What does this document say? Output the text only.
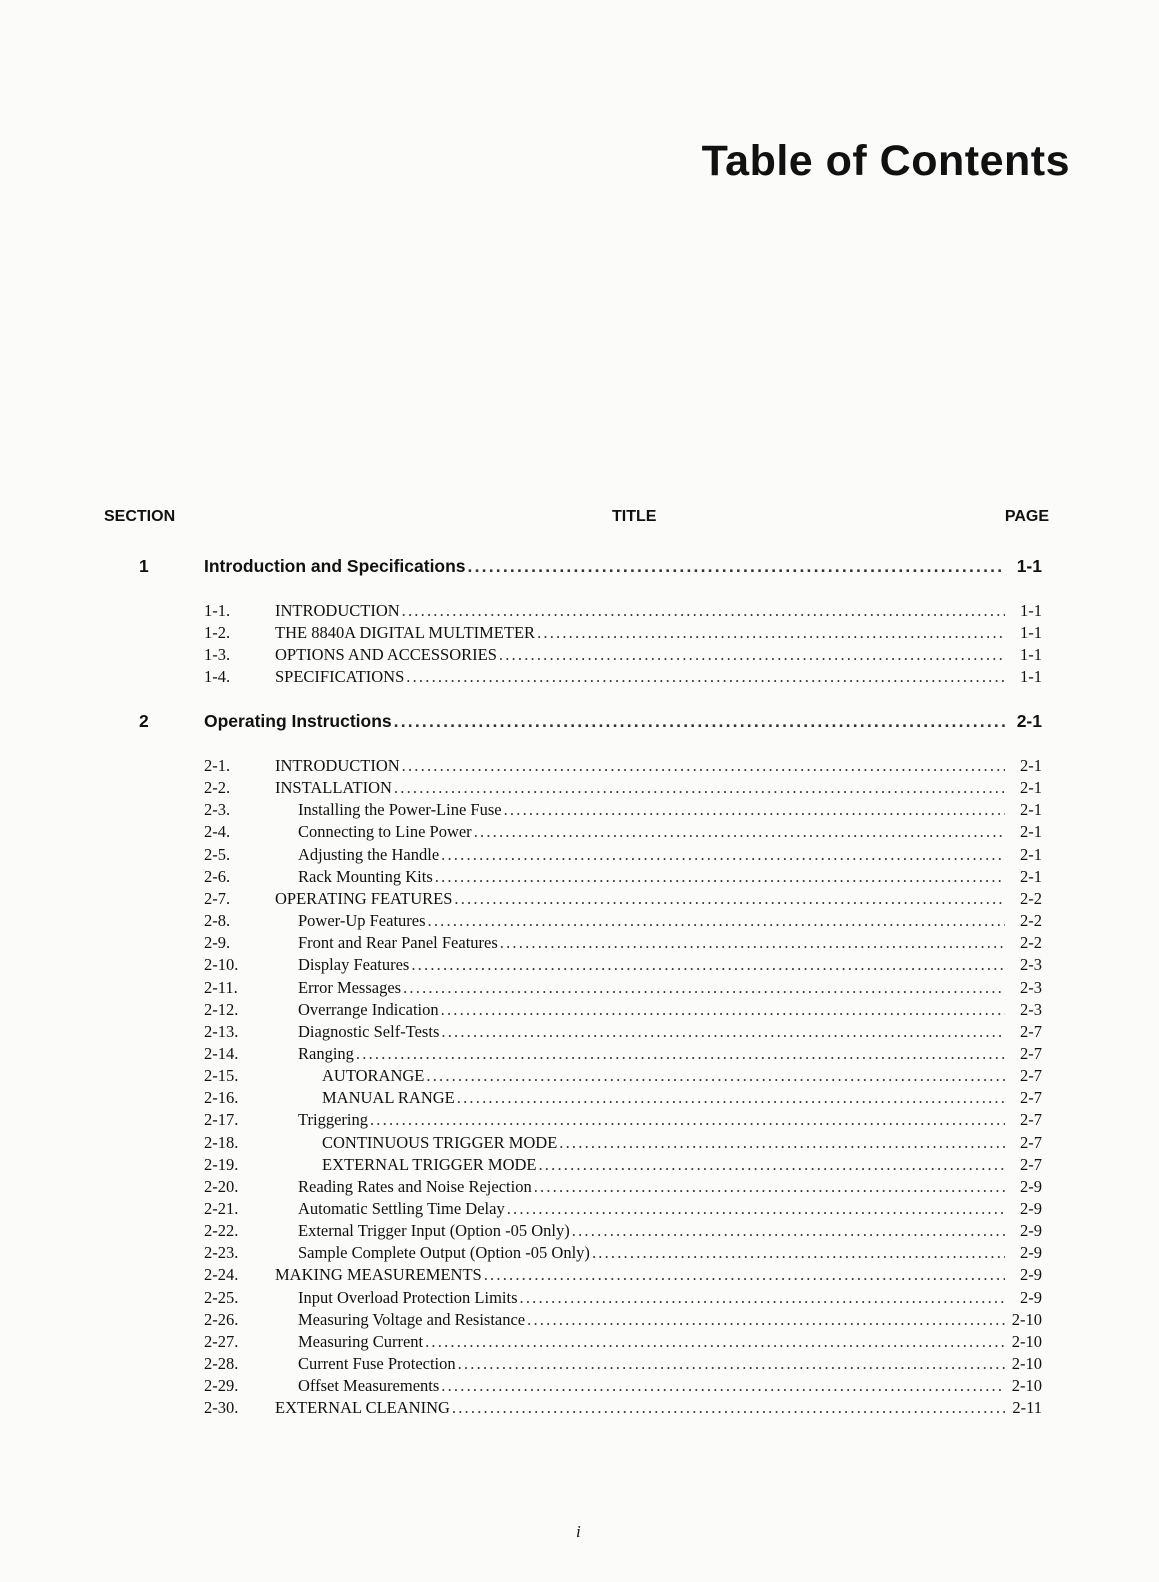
Table of Contents
SECTION	TITLE	PAGE
1	Introduction and Specifications .....	1-1
1-1.	INTRODUCTION .....	1-1
1-2.	THE 8840A DIGITAL MULTIMETER .....	1-1
1-3.	OPTIONS AND ACCESSORIES .....	1-1
1-4.	SPECIFICATIONS .....	1-1
2	Operating Instructions .....	2-1
2-1.	INTRODUCTION .....	2-1
2-2.	INSTALLATION .....	2-1
2-3.	Installing the Power-Line Fuse .....	2-1
2-4.	Connecting to Line Power .....	2-1
2-5.	Adjusting the Handle .....	2-1
2-6.	Rack Mounting Kits .....	2-1
2-7.	OPERATING FEATURES .....	2-2
2-8.	Power-Up Features .....	2-2
2-9.	Front and Rear Panel Features .....	2-2
2-10.	Display Features .....	2-3
2-11.	Error Messages .....	2-3
2-12.	Overrange Indication .....	2-3
2-13.	Diagnostic Self-Tests .....	2-7
2-14.	Ranging .....	2-7
2-15.	AUTORANGE .....	2-7
2-16.	MANUAL RANGE .....	2-7
2-17.	Triggering .....	2-7
2-18.	CONTINUOUS TRIGGER MODE .....	2-7
2-19.	EXTERNAL TRIGGER MODE .....	2-7
2-20.	Reading Rates and Noise Rejection .....	2-9
2-21.	Automatic Settling Time Delay .....	2-9
2-22.	External Trigger Input (Option -05 Only) .....	2-9
2-23.	Sample Complete Output (Option -05 Only) .....	2-9
2-24. MAKING MEASUREMENTS .....	2-9
2-25.	Input Overload Protection Limits .....	2-9
2-26.	Measuring Voltage and Resistance .....	2-10
2-27.	Measuring Current .....	2-10
2-28.	Current Fuse Protection .....	2-10
2-29.	Offset Measurements .....	2-10
2-30. EXTERNAL CLEANING .....	2-11
i
